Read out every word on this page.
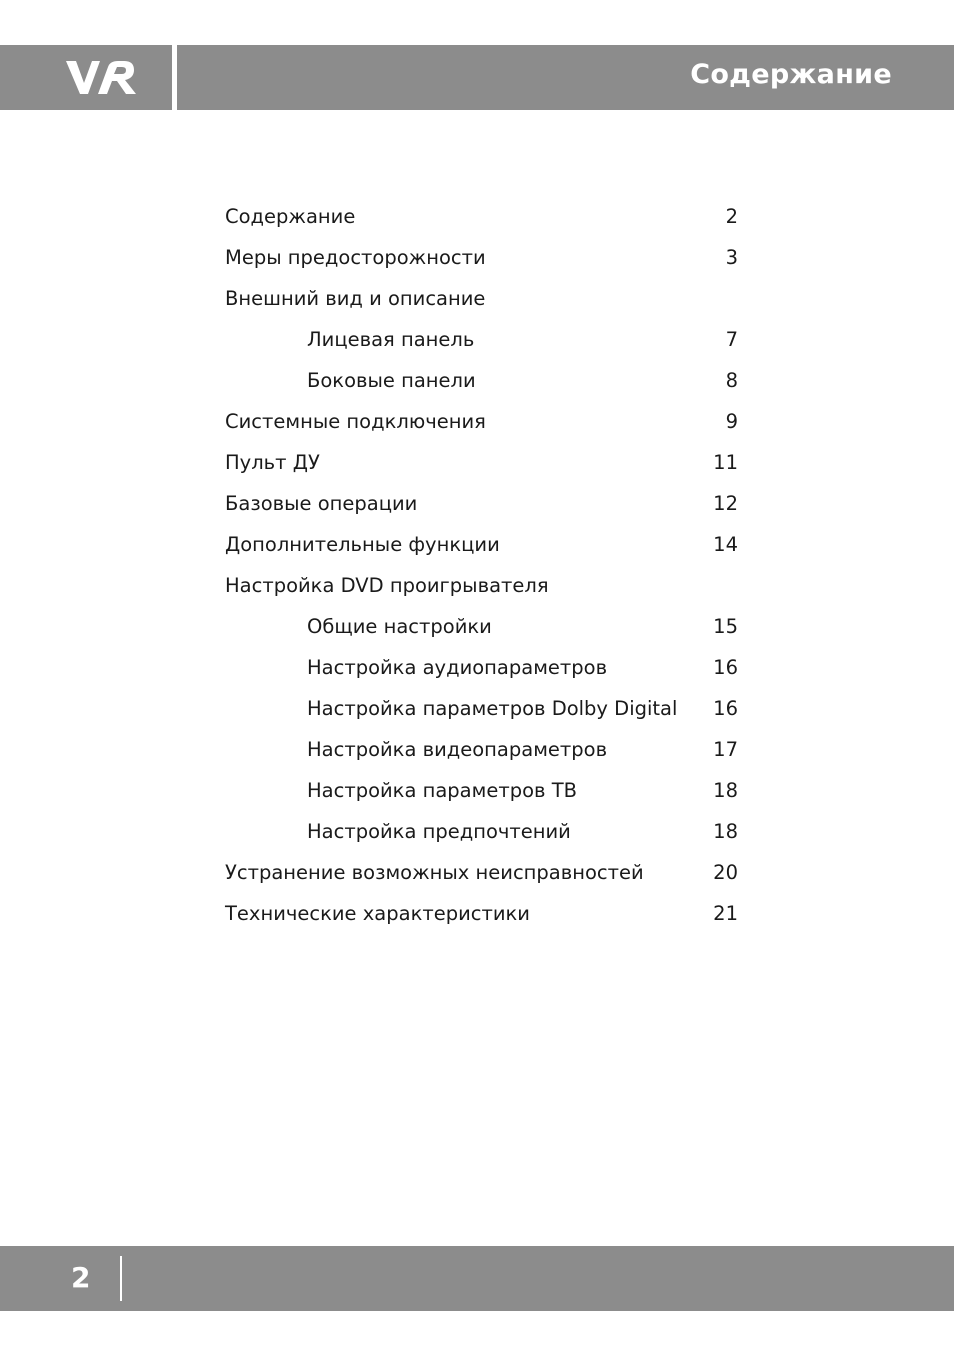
Содержание
Содержание	2
Меры предосторожности	3
Внешний вид и описание
Лицевая панель	7
Боковые панели	8
Системные подключения	9
Пульт ДУ	11
Базовые операции	12
Дополнительные функции	14
Настройка DVD проигрывателя
Общие настройки	15
Настройка аудиопараметров	16
Настройка параметров Dolby Digital 16
Настройка видеопараметров	17
Настройка параметров ТВ	18
Настройка предпочтений	18
Устранение возможных неисправностей	20
Технические характеристики	21
2
